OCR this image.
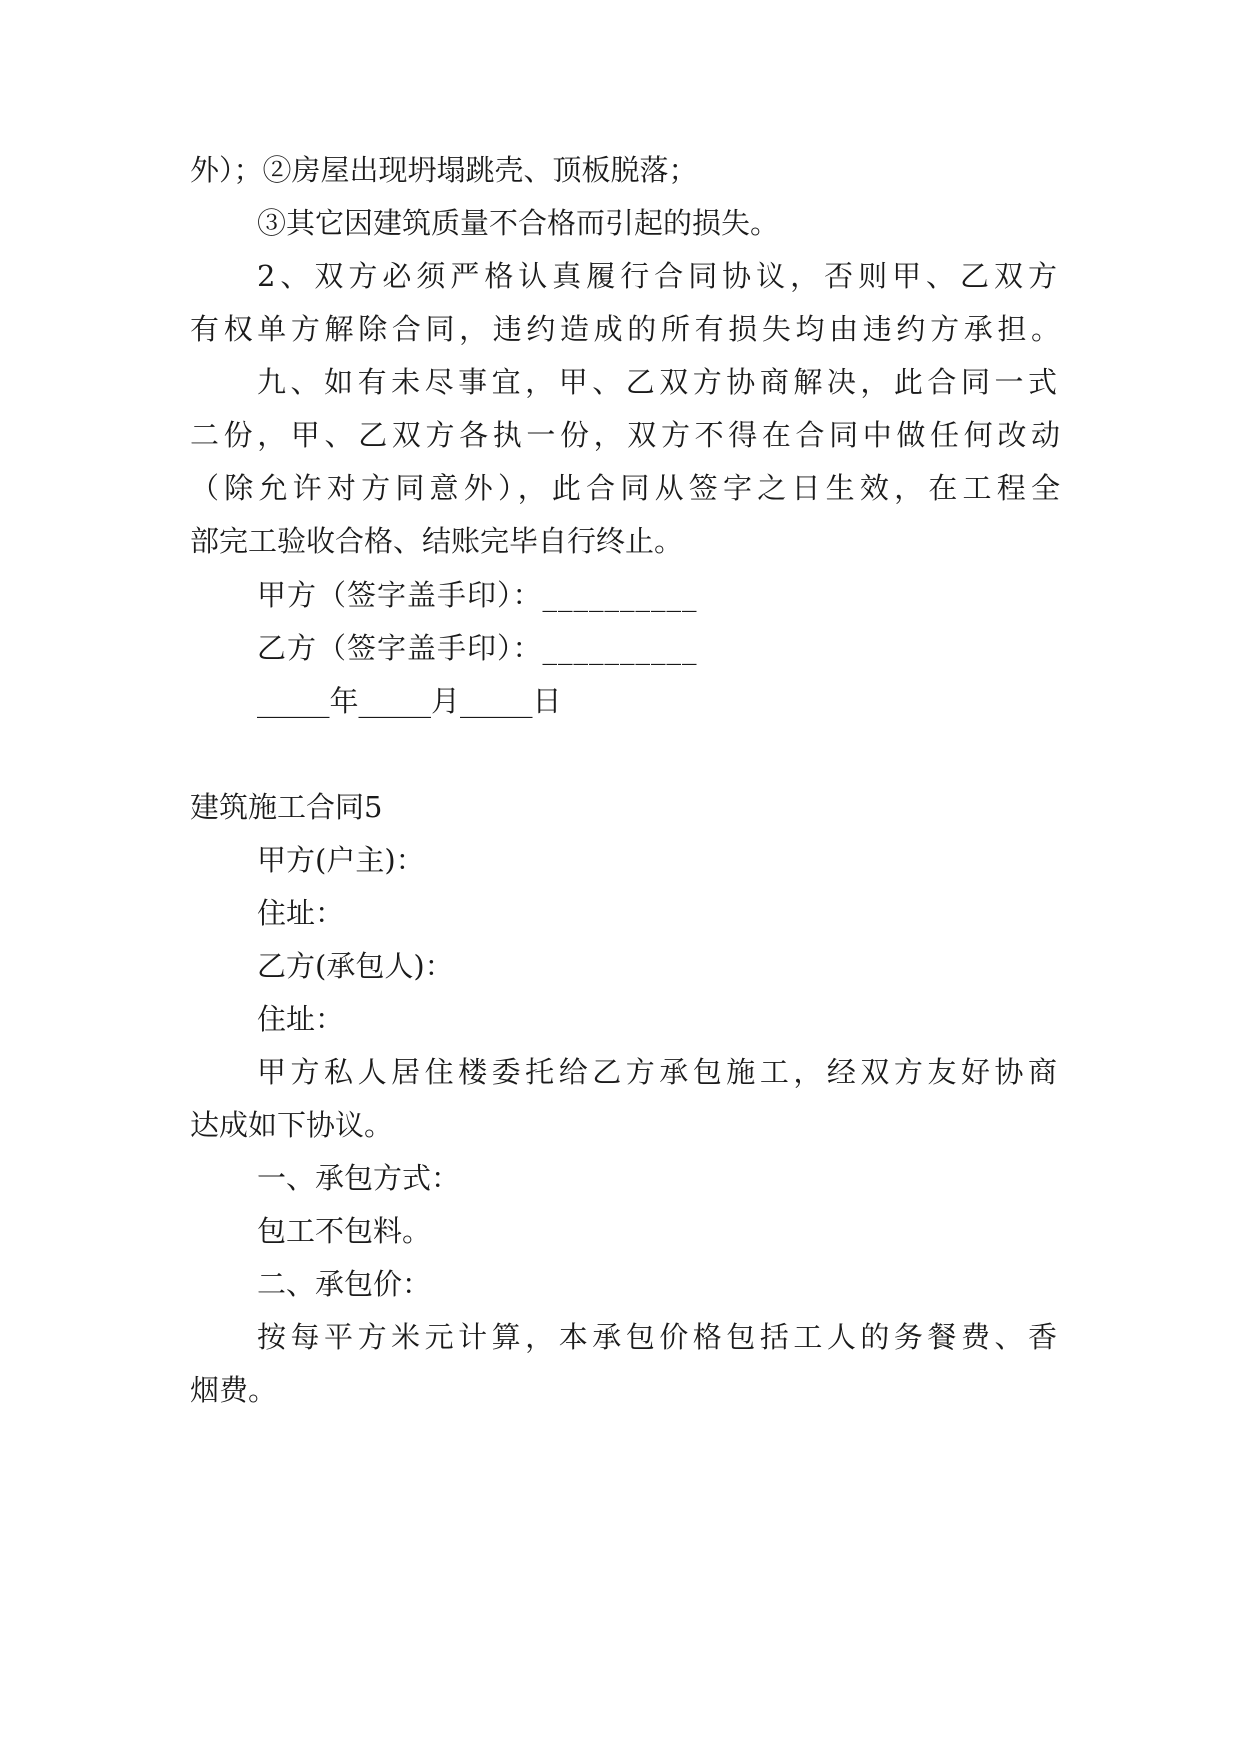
外）；②房屋出现坍塌跳壳、顶板脱落；
③其它因建筑质量不合格而引起的损失。
2、双方必须严格认真履行合同协议，否则甲、乙双方
有权单方解除合同，违约造成的所有损失均由违约方承担。
九、如有未尽事宜，甲、乙双方协商解决，此合同一式
二份，甲、乙双方各执一份，双方不得在合同中做任何改动
（除允许对方同意外），此合同从签字之日生效，在工程全
部完工验收合格、结账完毕自行终止。
甲方（签字盖手印）：__________
乙方（签字盖手印）：__________
_____年_____月_____日
建筑施工合同5
甲方(户主)：
住址：
乙方(承包人)：
住址：
甲方私人居住楼委托给乙方承包施工，经双方友好协商
达成如下协议。
一、承包方式：
包工不包料。
二、承包价：
按每平方米元计算，本承包价格包括工人的务餐费、香
烟费。
